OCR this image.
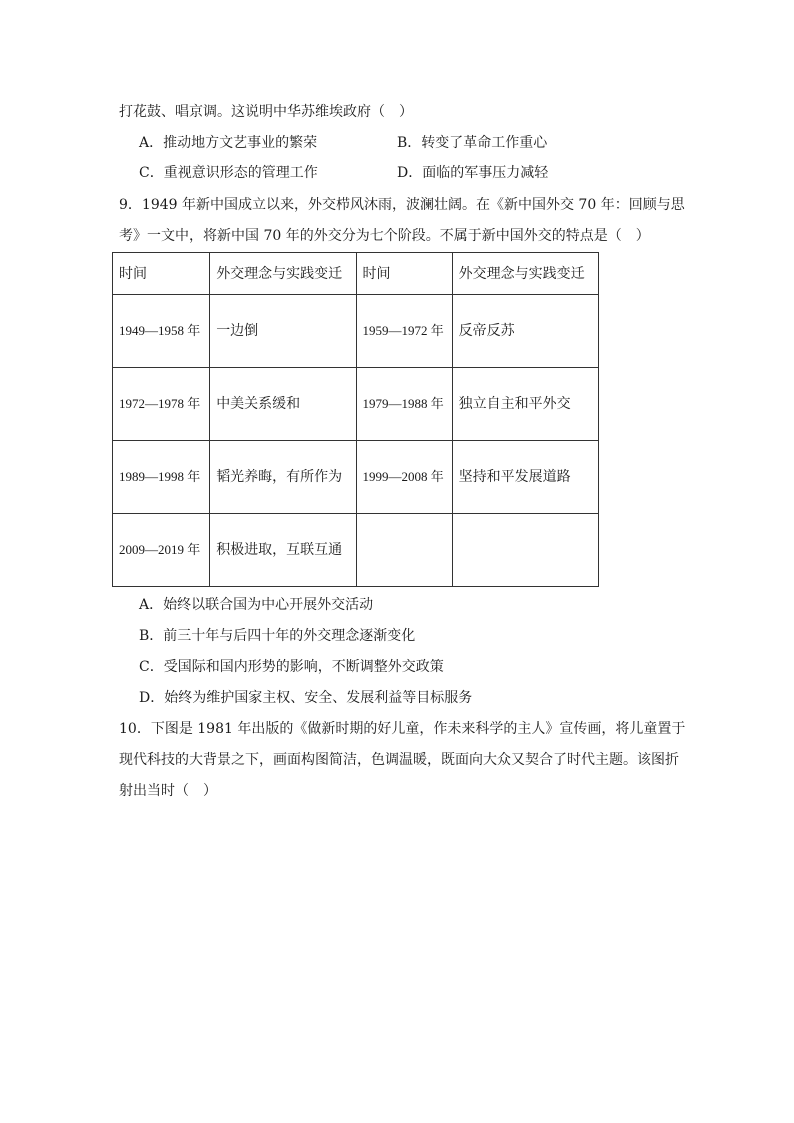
打花鼓、唱京调。这说明中华苏维埃政府（　）
A．推动地方文艺事业的繁荣	B．转变了革命工作重心
C．重视意识形态的管理工作	D．面临的军事压力减轻
9．1949 年新中国成立以来，外交栉风沐雨，波澜壮阔。在《新中国外交 70 年：回顾与思
考》一文中，将新中国 70 年的外交分为七个阶段。不属于新中国外交的特点是（　）
时间	外交理念与实践变迁	时间	外交理念与实践变迁
1949—1958 年	一边倒	1959—1972 年	反帝反苏
1972—1978 年	中美关系缓和	1979—1988 年	独立自主和平外交
1989—1998 年	韬光养晦，有所作为	1999—2008 年	坚持和平发展道路
2009—2019 年	积极进取，互联互通		
A．始终以联合国为中心开展外交活动
B．前三十年与后四十年的外交理念逐渐变化
C．受国际和国内形势的影响，不断调整外交政策
D．始终为维护国家主权、安全、发展利益等目标服务
10．下图是 1981 年出版的《做新时期的好儿童，作未来科学的主人》宣传画，将儿童置于
现代科技的大背景之下，画面构图简洁，色调温暖，既面向大众又契合了时代主题。该图折
射出当时（　）
